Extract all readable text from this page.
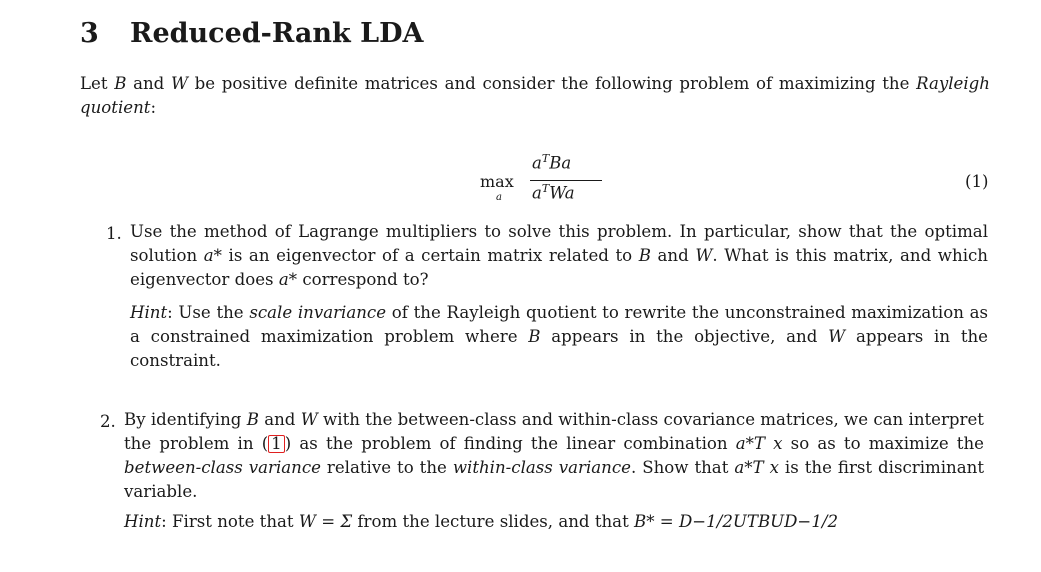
3 Reduced-Rank LDA
Let B and W be positive definite matrices and consider the following problem of maximizing the Rayleigh quotient:
max
a
$a^TBa$
$a^TWa$
(1)
1. Use the method of Lagrange multipliers to solve this problem. In particular, show that the optimal solution a* is an eigenvector of a certain matrix related to B and W. What is this matrix, and which eigenvector does a* correspond to?
Hint: Use the scale invariance of the Rayleigh quotient to rewrite the unconstrained maximization as a constrained maximization problem where B appears in the objective, and W appears in the constraint.
2. By identifying B and W with the between-class and within-class covariance matrices, we can interpret the problem in ( 1 ) as the problem of finding the linear combination a*T x so as to maximize the between-class variance relative to the within-class variance. Show that a*T x is the first discriminant variable.
Hint: First note that W = Σ from the lecture slides, and that B* = D−1/2UTBUD−1/2
